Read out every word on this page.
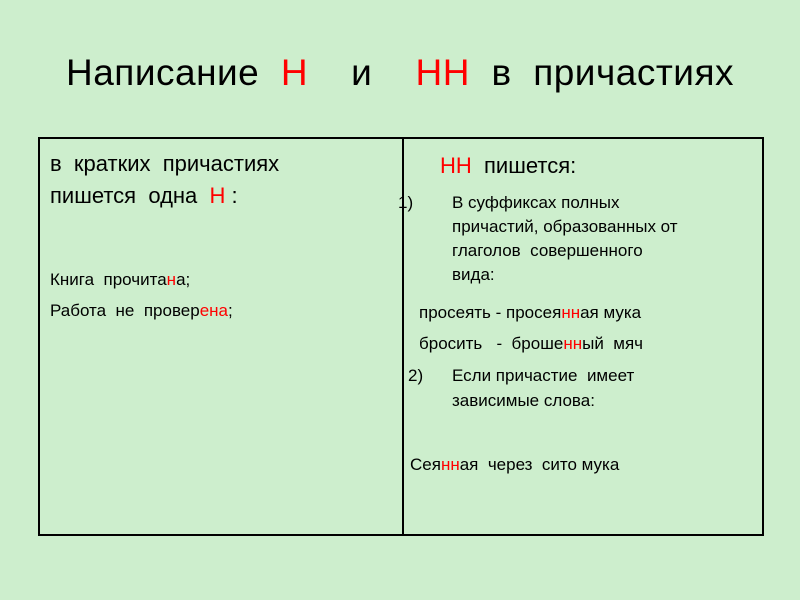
Написание  Н    и    НН  в  причастиях
в  кратких  причастиях
пишется  одна  Н :
Книга  прочитана;
Работа  не  проверена;
НН  пишется:
1) В суффиксах полных
причастий, образованных от
глаголов  совершенного
вида:
просеять - просеянная мука
бросить   -  брошенный  мяч
2) Если причастие  имеет
зависимые слова:
Сеянная  через  сито мука
